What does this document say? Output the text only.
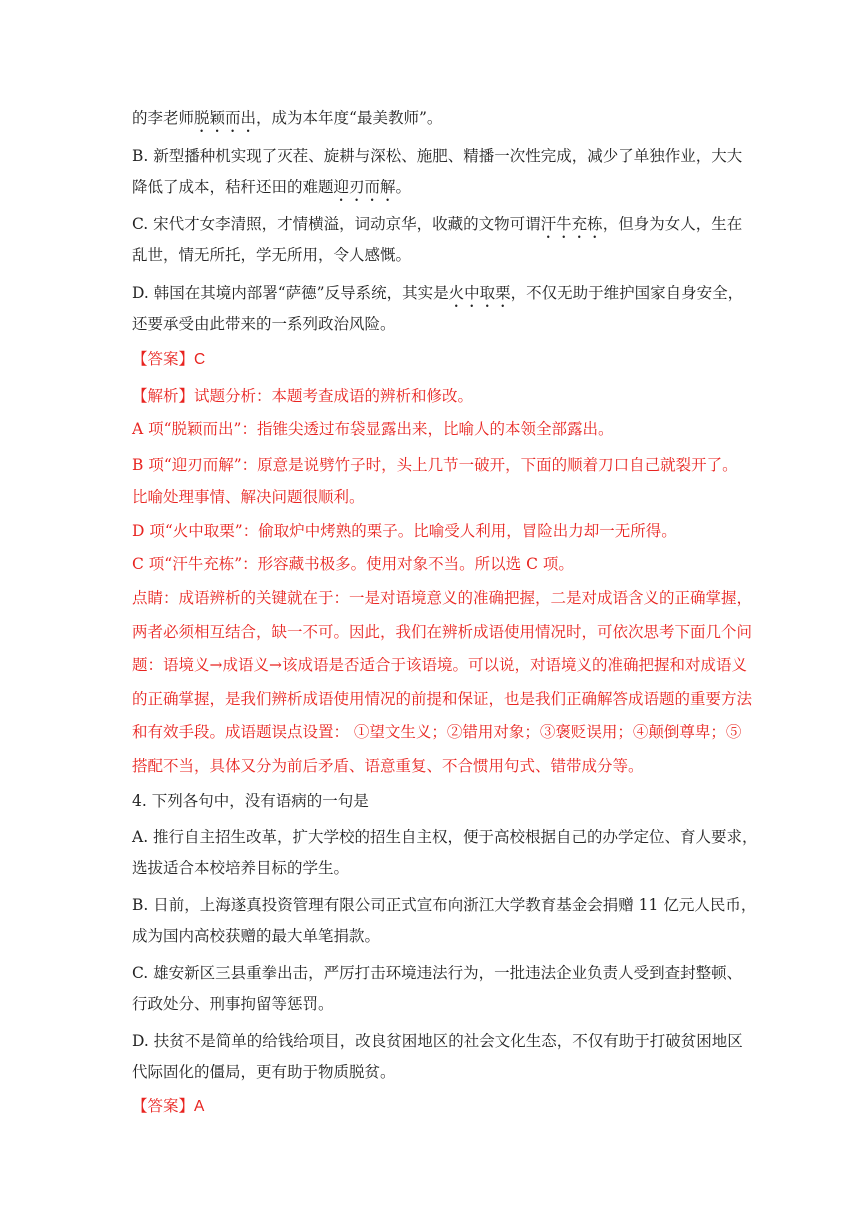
的李老师脱颖而出，成为本年度“最美教师”。
B. 新型播种机实现了灭茬、旋耕与深松、施肥、精播一次性完成，减少了单独作业，大大
降低了成本，秸秆还田的难题迎刃而解。
C. 宋代才女李清照，才情横溢，词动京华，收藏的文物可谓汗牛充栋，但身为女人，生在
乱世，情无所托，学无所用，令人感慨。
D. 韩国在其境内部署“萨德”反导系统，其实是火中取栗，不仅无助于维护国家自身安全，
还要承受由此带来的一系列政治风险。
【答案】C
【解析】试题分析：本题考查成语的辨析和修改。
A 项“脱颖而出”：指锥尖透过布袋显露出来，比喻人的本领全部露出。
B 项“迎刃而解”：原意是说劈竹子时，头上几节一破开，下面的顺着刀口自己就裂开了。
比喻处理事情、解决问题很顺利。
D 项“火中取栗”：偷取炉中烤熟的栗子。比喻受人利用，冒险出力却一无所得。
C 项“汗牛充栋”：形容藏书极多。使用对象不当。所以选 C 项。
点睛：成语辨析的关键就在于：一是对语境意义的准确把握，二是对成语含义的正确掌握，
两者必须相互结合，缺一不可。因此，我们在辨析成语使用情况时，可依次思考下面几个问
题：语境义→成语义→该成语是否适合于该语境。可以说，对语境义的准确把握和对成语义
的正确掌握，是我们辨析成语使用情况的前提和保证，也是我们正确解答成语题的重要方法
和有效手段。成语题误点设置： ①望文生义；②错用对象；③褒贬误用；④颠倒尊卑；⑤
搭配不当，具体又分为前后矛盾、语意重复、不合惯用句式、错带成分等。
4. 下列各句中，没有语病的一句是
A. 推行自主招生改革，扩大学校的招生自主权，便于高校根据自己的办学定位、育人要求，
选拔适合本校培养目标的学生。
B. 日前，上海遂真投资管理有限公司正式宣布向浙江大学教育基金会捐赠 11 亿元人民币，
成为国内高校获赠的最大单笔捐款。
C. 雄安新区三县重拳出击，严厉打击环境违法行为，一批违法企业负责人受到查封整顿、
行政处分、刑事拘留等惩罚。
D. 扶贫不是简单的给钱给项目，改良贫困地区的社会文化生态，不仅有助于打破贫困地区
代际固化的僵局，更有助于物质脱贫。
【答案】A
